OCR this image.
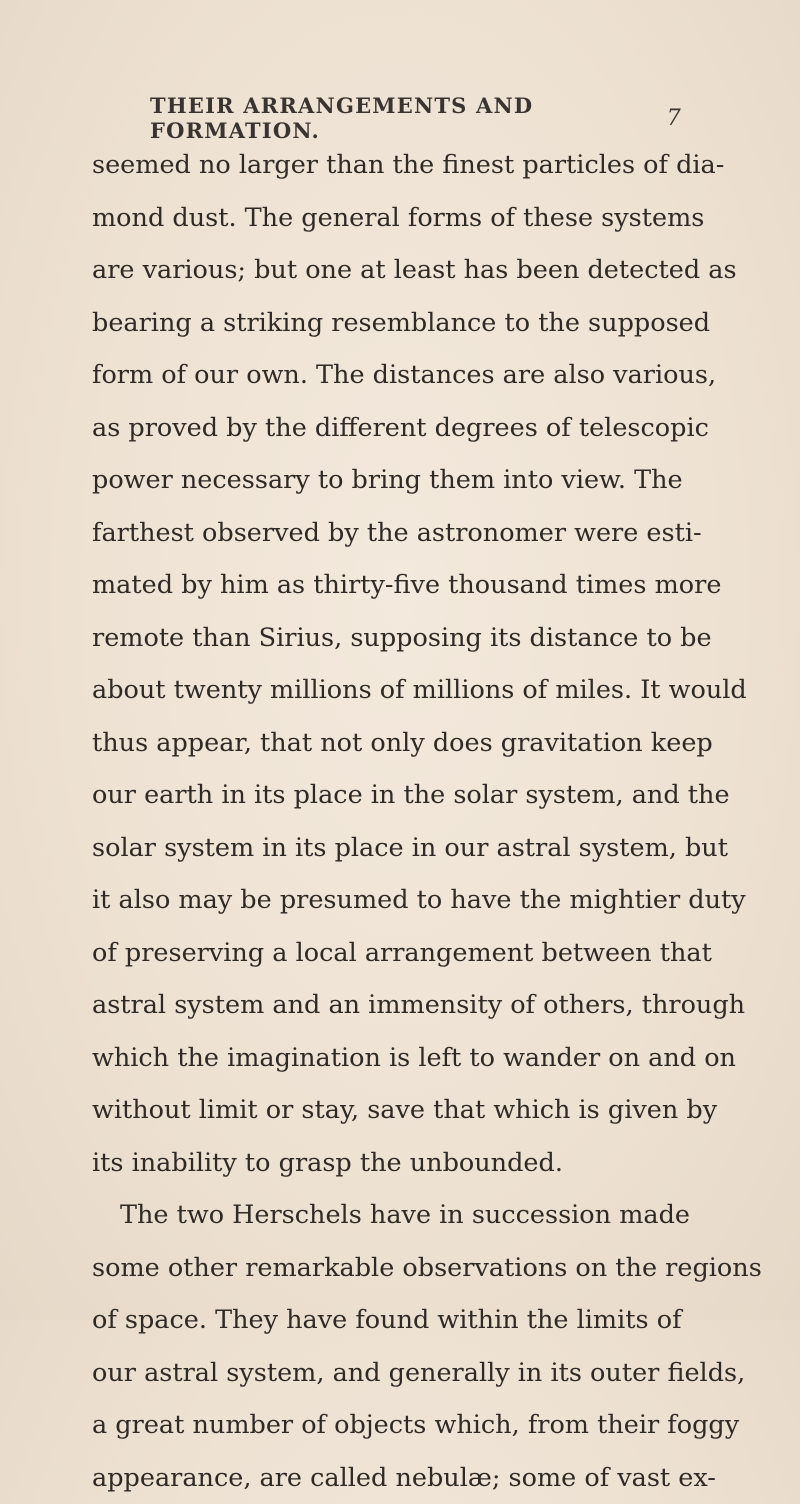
THEIR ARRANGEMENTS AND FORMATION.	7
seemed no larger than the finest particles of dia-
mond dust. The general forms of these systems
are various; but one at least has been detected as
bearing a striking resemblance to the supposed
form of our own. The distances are also various,
as proved by the different degrees of telescopic
power necessary to bring them into view. The
farthest observed by the astronomer were esti-
mated by him as thirty-five thousand times more
remote than Sirius, supposing its distance to be
about twenty millions of millions of miles. It would
thus appear, that not only does gravitation keep
our earth in its place in the solar system, and the
solar system in its place in our astral system, but
it also may be presumed to have the mightier duty
of preserving a local arrangement between that
astral system and an immensity of others, through
which the imagination is left to wander on and on
without limit or stay, save that which is given by
its inability to grasp the unbounded.
The two Herschels have in succession made
some other remarkable observations on the regions
of space. They have found within the limits of
our astral system, and generally in its outer fields,
a great number of objects which, from their foggy
appearance, are called nebulæ; some of vast ex-
